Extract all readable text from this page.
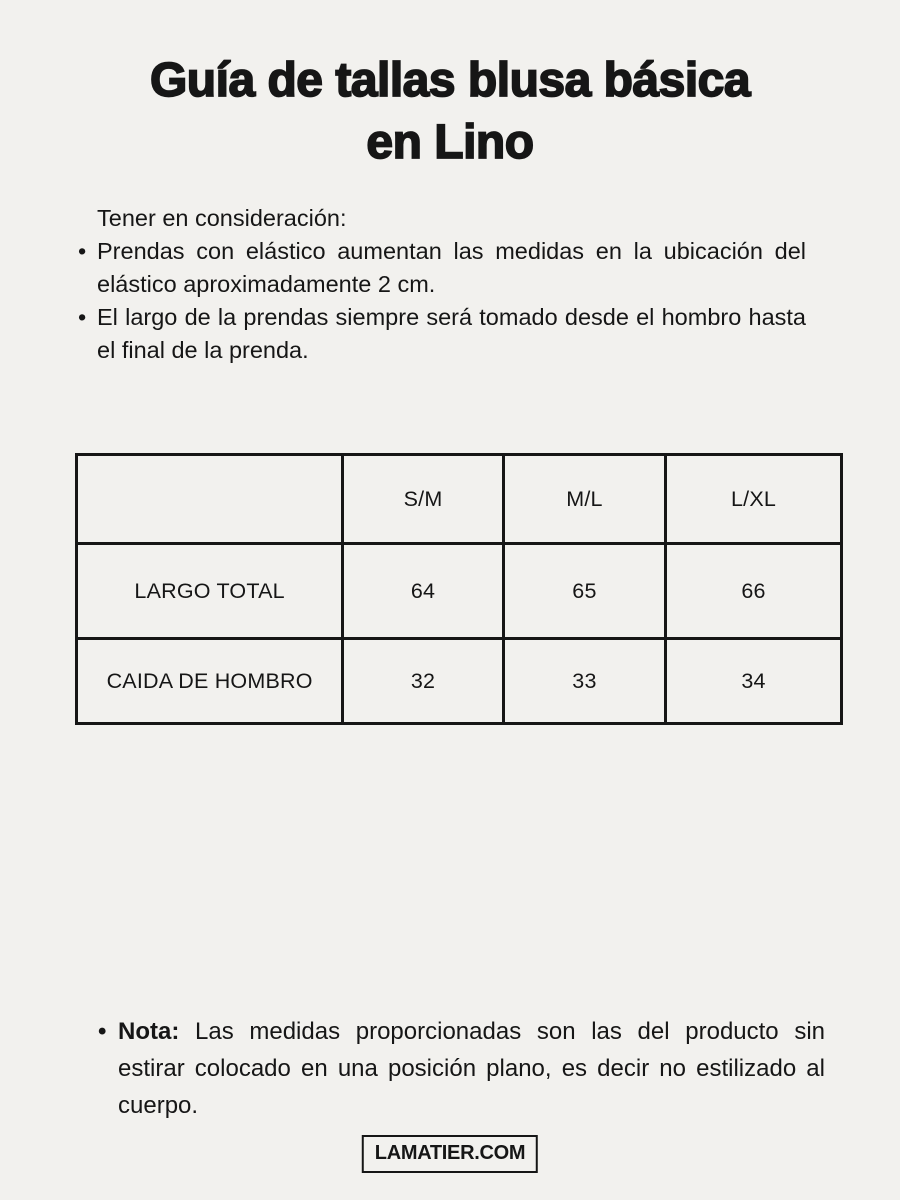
Guía de tallas blusa básica
en Lino
Tener en consideración:
• Prendas con elástico aumentan las medidas en la ubicación del elástico aproximadamente 2 cm.
• El largo de la prendas siempre será tomado desde el hombro hasta el final de la prenda.
	S/M	M/L	L/XL
LARGO TOTAL	64	65	66
CAIDA DE HOMBRO	32	33	34
• Nota: Las medidas proporcionadas son las del producto sin estirar colocado en una posición plano, es decir no estilizado al cuerpo.
LAMATIER.COM
